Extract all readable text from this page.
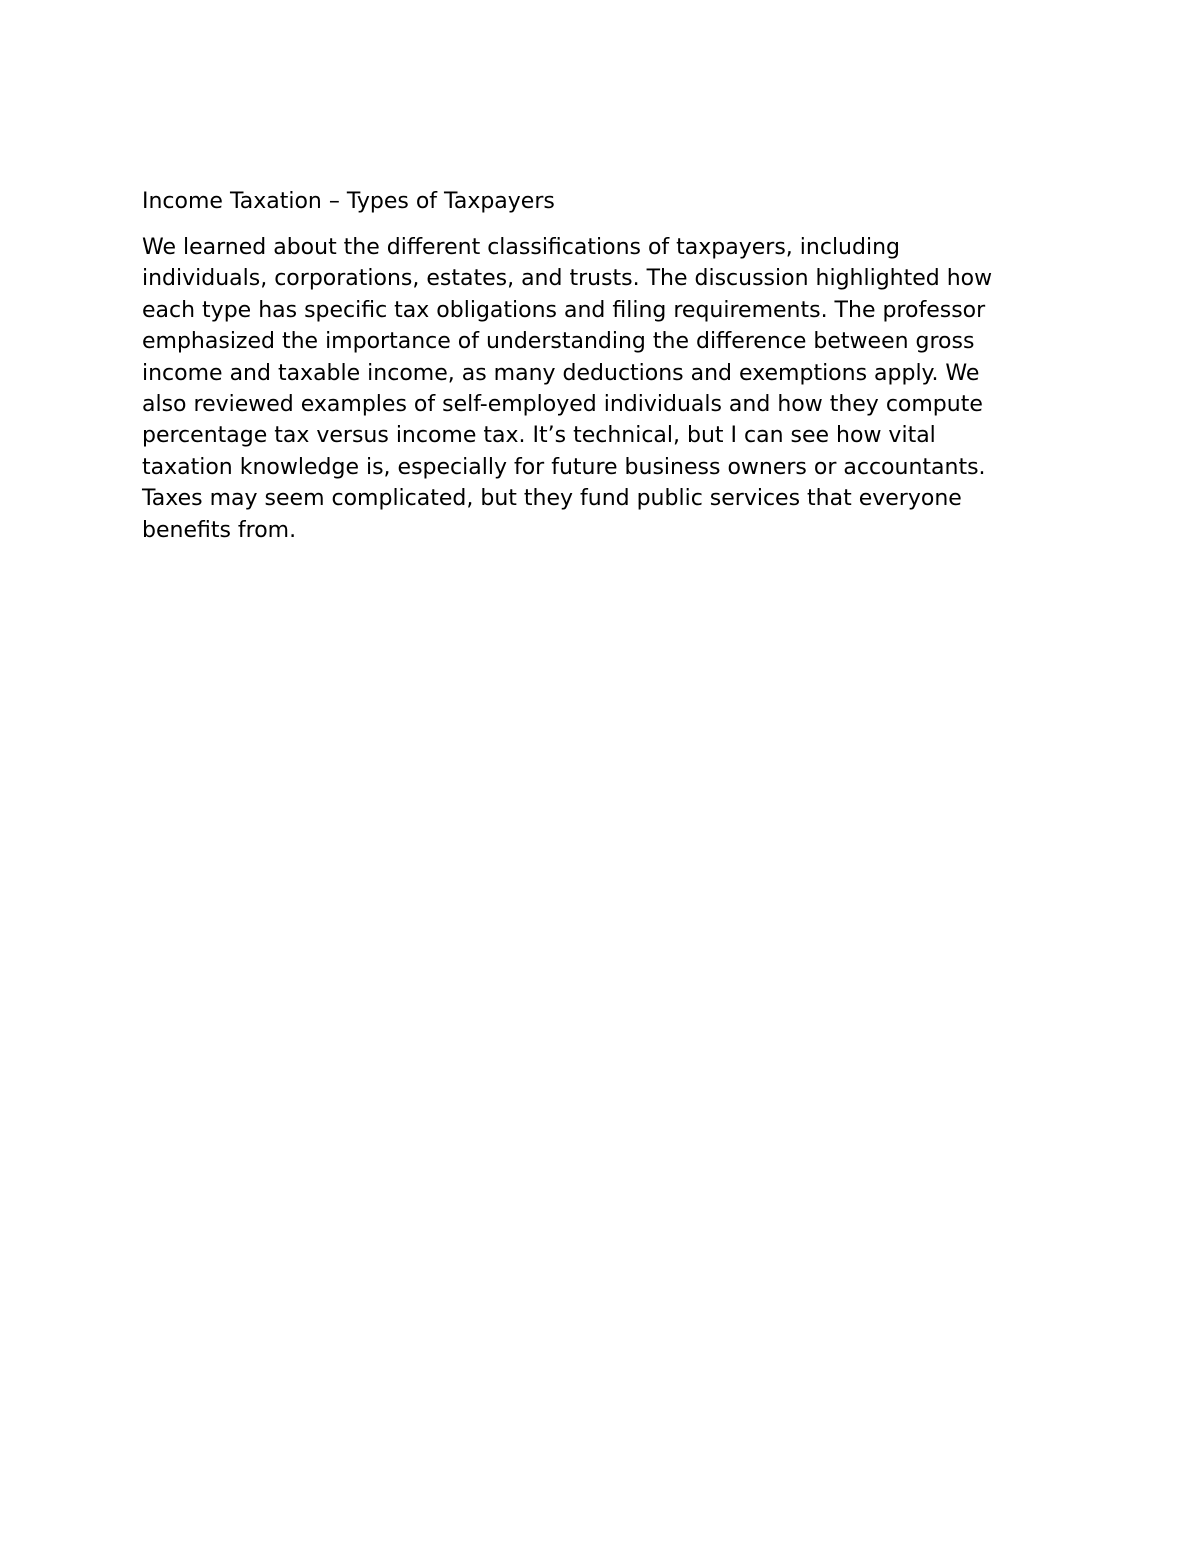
Income Taxation – Types of Taxpayers
We learned about the different classifications of taxpayers, including
individuals, corporations, estates, and trusts. The discussion highlighted how
each type has specific tax obligations and filing requirements. The professor
emphasized the importance of understanding the difference between gross
income and taxable income, as many deductions and exemptions apply. We
also reviewed examples of self-employed individuals and how they compute
percentage tax versus income tax. It’s technical, but I can see how vital
taxation knowledge is, especially for future business owners or accountants.
Taxes may seem complicated, but they fund public services that everyone
benefits from.
